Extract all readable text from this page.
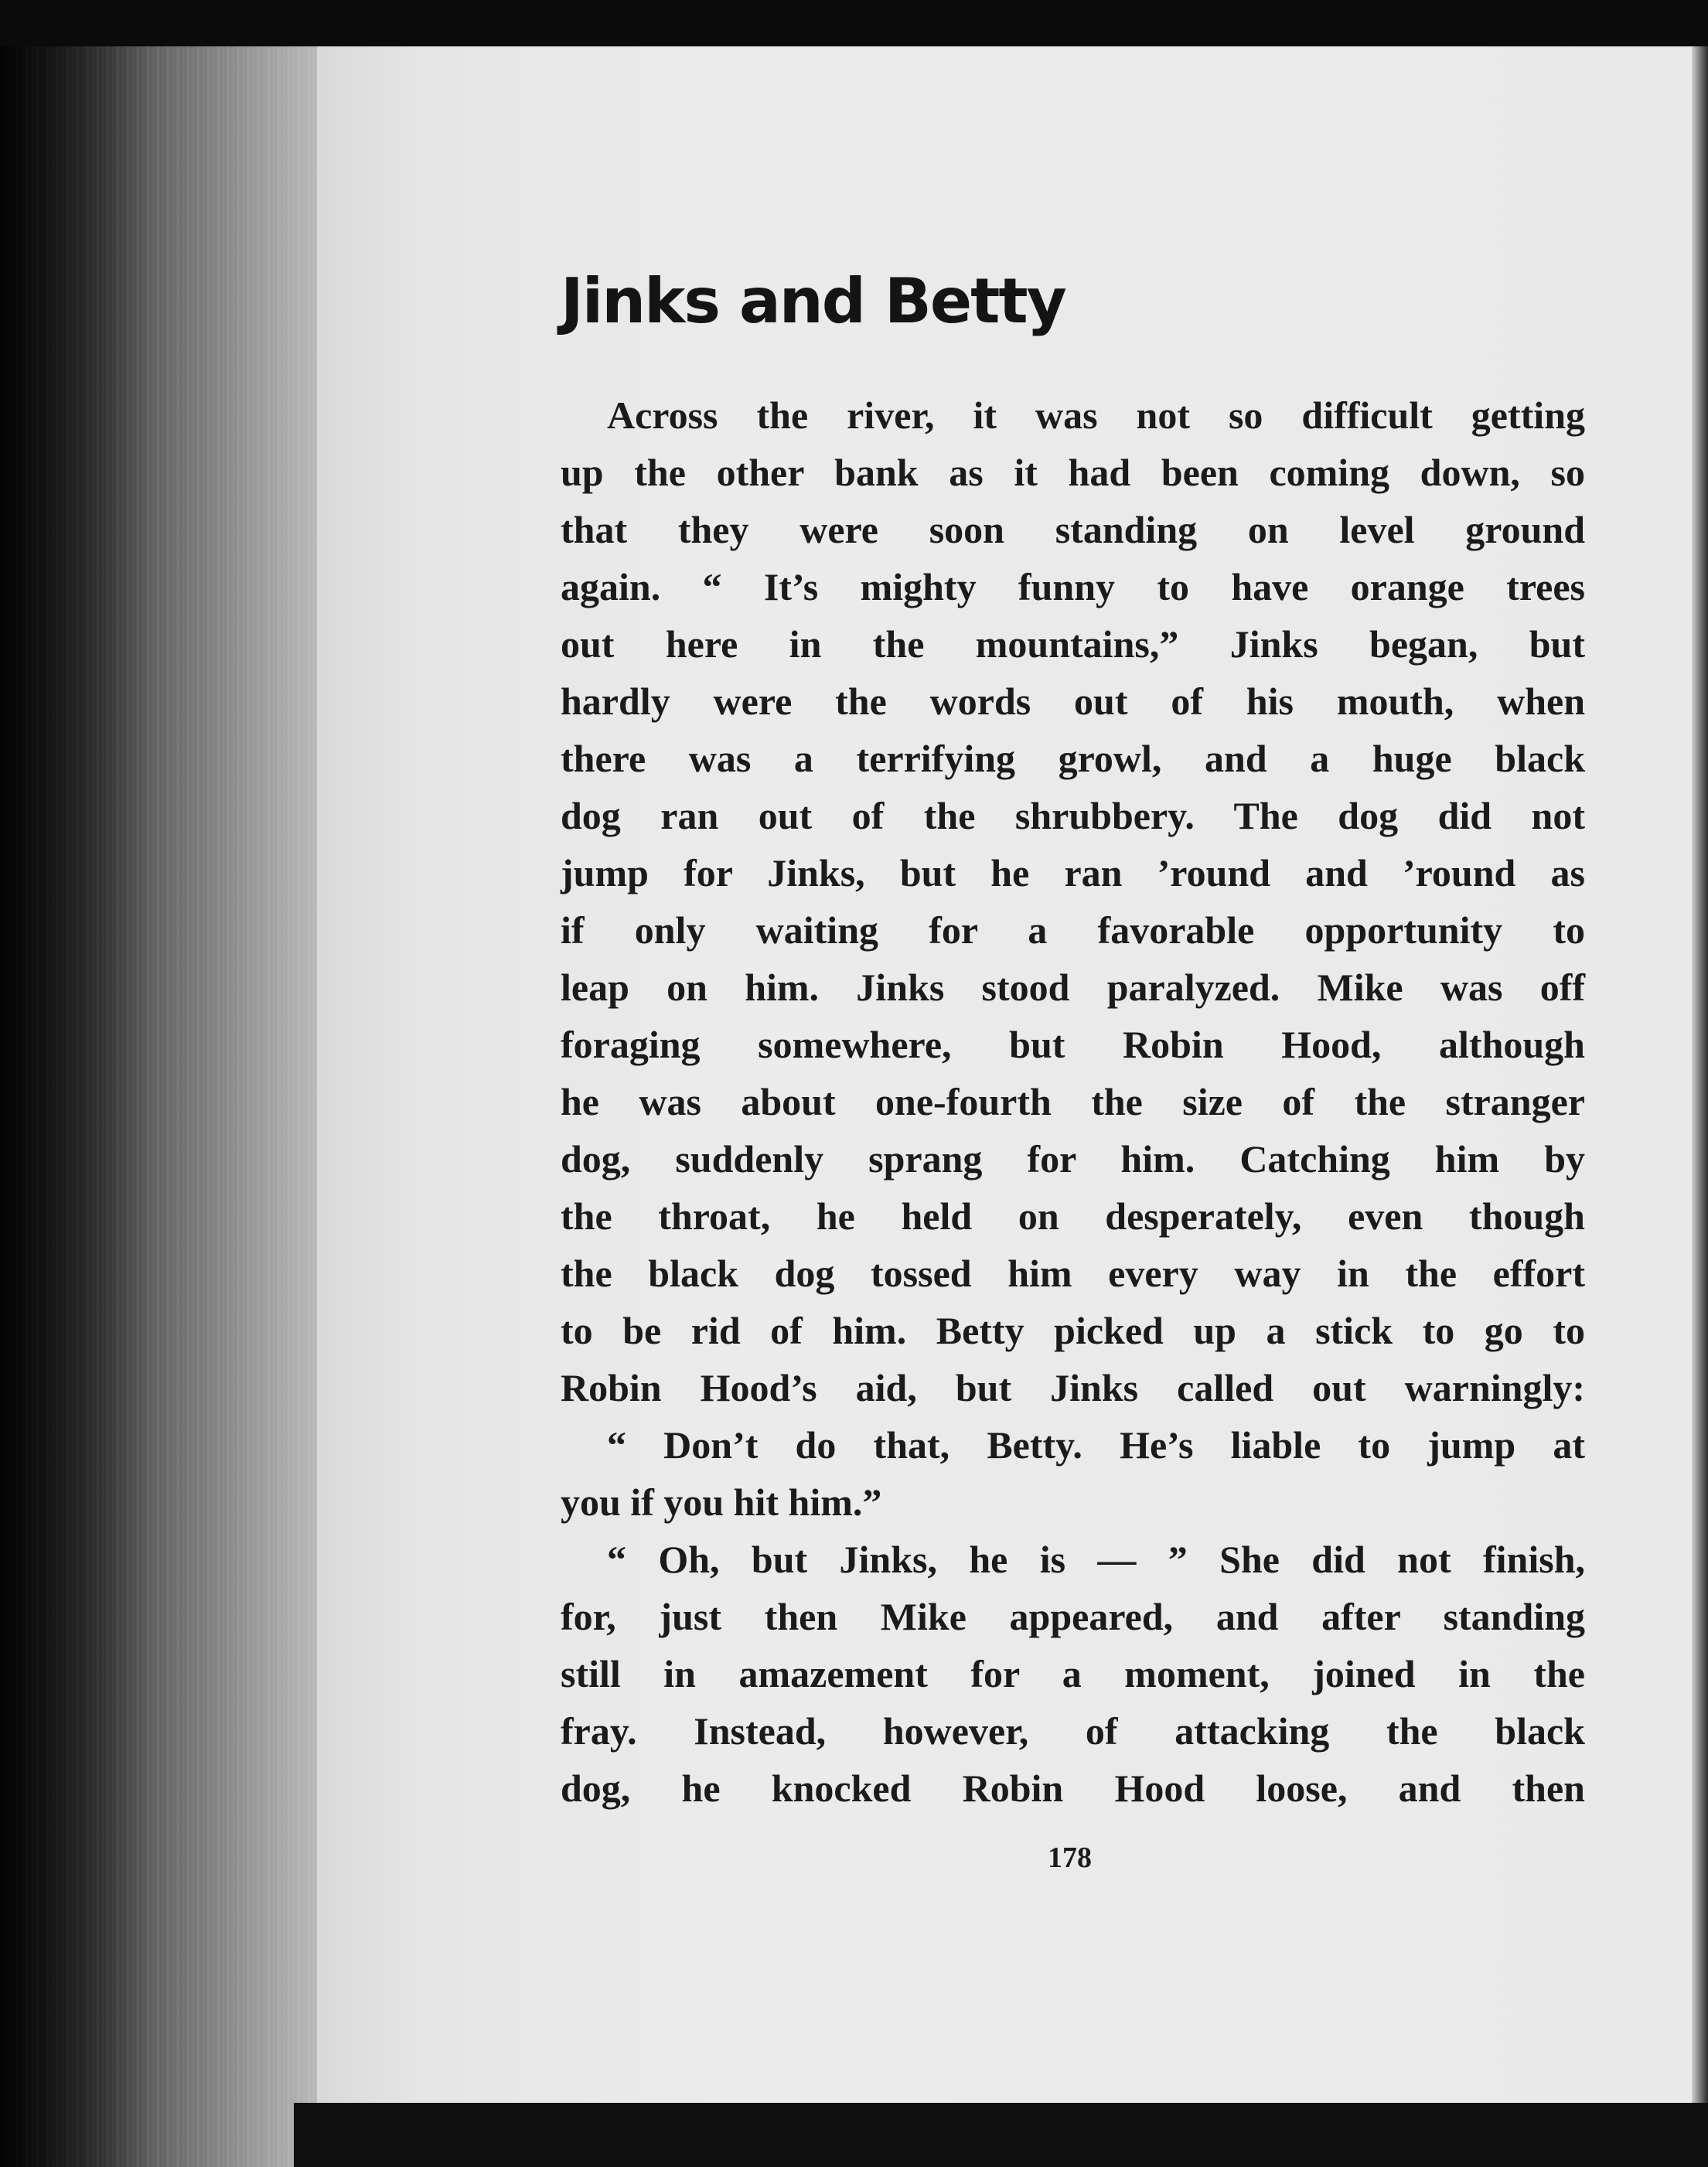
Jinks and Betty
Across the river, it was not so difficult getting
up the other bank as it had been coming down, so
that they were soon standing on level ground
again. “ It’s mighty funny to have orange trees
out here in the mountains,” Jinks began, but
hardly were the words out of his mouth, when
there was a terrifying growl, and a huge black
dog ran out of the shrubbery. The dog did not
jump for Jinks, but he ran ’round and ’round as
if only waiting for a favorable opportunity to
leap on him. Jinks stood paralyzed. Mike was off
foraging somewhere, but Robin Hood, although
he was about one-fourth the size of the stranger
dog, suddenly sprang for him. Catching him by
the throat, he held on desperately, even though
the black dog tossed him every way in the effort
to be rid of him. Betty picked up a stick to go to
Robin Hood’s aid, but Jinks called out warningly:
“ Don’t do that, Betty. He’s liable to jump at
you if you hit him.”
“ Oh, but Jinks, he is — ” She did not finish,
for, just then Mike appeared, and after standing
still in amazement for a moment, joined in the
fray. Instead, however, of attacking the black
dog, he knocked Robin Hood loose, and then
178
